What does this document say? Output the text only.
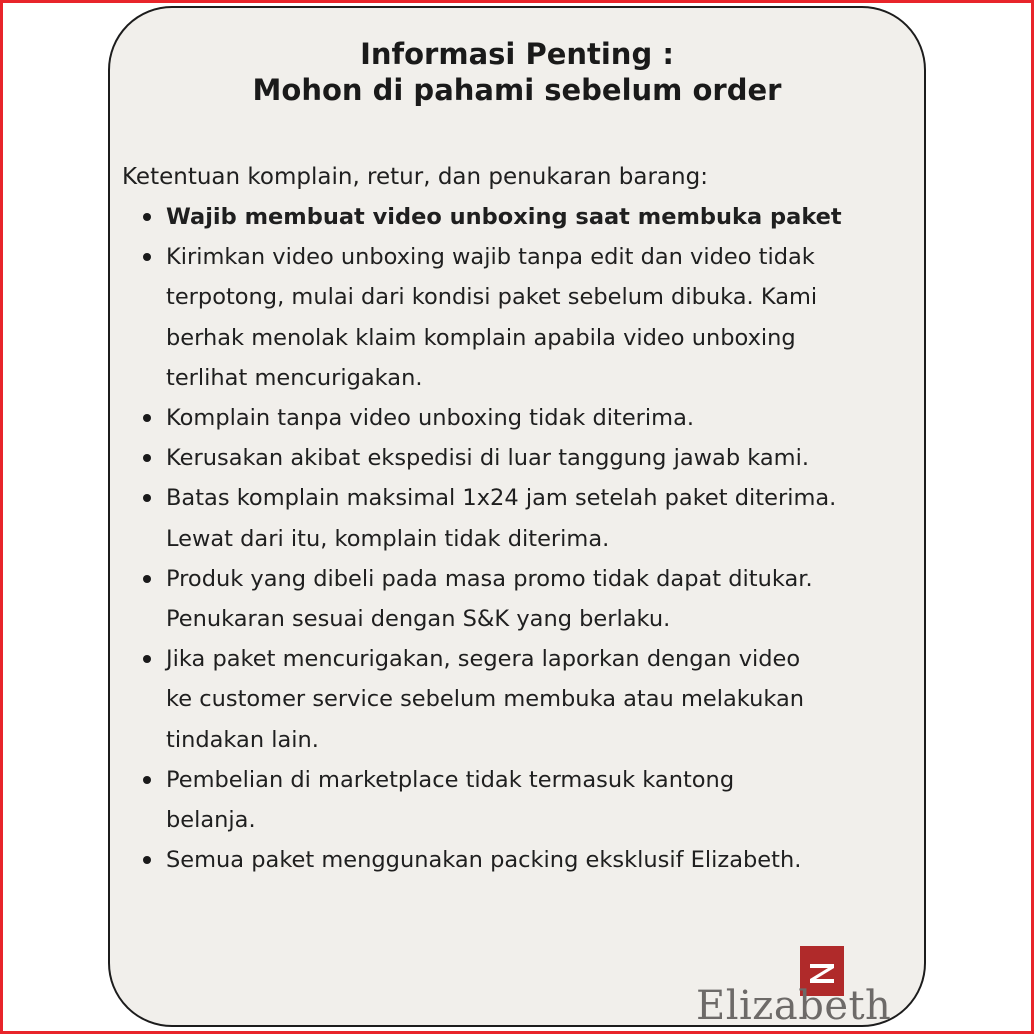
Informasi Penting :
Mohon di pahami sebelum order
Ketentuan komplain, retur, dan penukaran barang:
Wajib membuat video unboxing saat membuka paket
Kirimkan video unboxing wajib tanpa edit dan video tidak
terpotong, mulai dari kondisi paket sebelum dibuka. Kami
berhak menolak klaim komplain apabila video unboxing
terlihat mencurigakan.
Komplain tanpa video unboxing tidak diterima.
Kerusakan akibat ekspedisi di luar tanggung jawab kami.
Batas komplain maksimal 1x24 jam setelah paket diterima.
Lewat dari itu, komplain tidak diterima.
Produk yang dibeli pada masa promo tidak dapat ditukar.
Penukaran sesuai dengan S&K yang berlaku.
Jika paket mencurigakan, segera laporkan dengan video
ke customer service sebelum membuka atau melakukan
tindakan lain.
Pembelian di marketplace tidak termasuk kantong
belanja.
Semua paket menggunakan packing eksklusif Elizabeth.
Elizabeth
